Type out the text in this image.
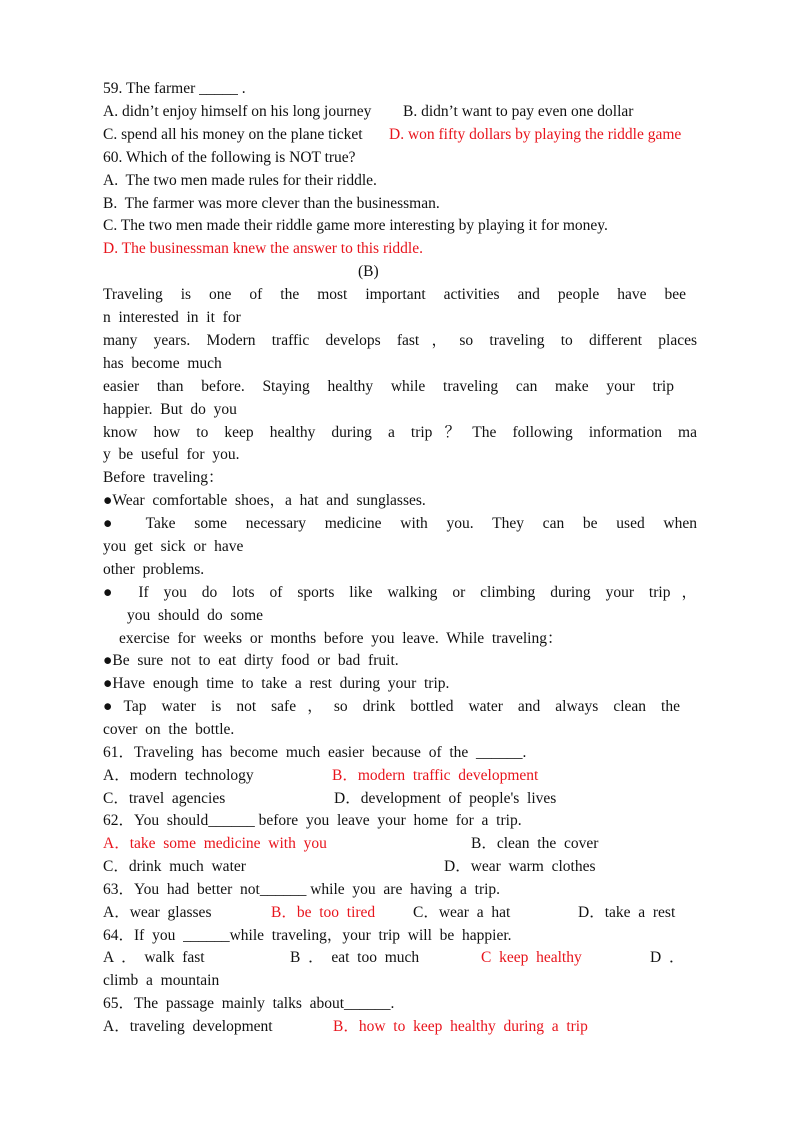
59. The farmer _____ .
A. didn’t enjoy himself on his long journey B. didn’t want to pay even one dollar
C. spend all his money on the plane ticket D. won fifty dollars by playing the riddle game
60. Which of the following is NOT true?
A.  The two men made rules for their riddle.
B.  The farmer was more clever than the businessman.
C. The two men made their riddle game more interesting by playing it for money.
D. The businessman knew the answer to this riddle.
(B)
Traveling is one of the most important activities and people have bee
n  interested  in  it  for
many years. Modern traffic develops fast，so traveling to different places
has  become  much
easier than before. Staying healthy while traveling can make your trip
happier.  But  do  you
know how to keep healthy during a trip？The following information ma
y  be  useful  for  you.
Before  traveling：
●Wear  comfortable  shoes，a  hat  and  sunglasses.
● Take some necessary medicine with you. They can be used when
you  get  sick  or  have
other  problems.
● If you do lots of sports like walking or climbing during your trip，
you  should  do  some
exercise  for  weeks  or  months  before  you  leave.  While  traveling：
●Be  sure  not  to  eat  dirty  food  or  bad  fruit.
●Have  enough  time  to  take  a  rest  during  your  trip.
●Tap water is not safe，so drink bottled water and always clean the
cover  on  the  bottle.
61．Traveling  has  become  much  easier  because  of  the  ______.
A．modern  technology	B．modern  traffic  development
C．travel  agencies	D．development  of  people's  lives
62．You  should______ before  you  leave  your  home  for  a  trip.
A．take  some  medicine  with  you	B．clean  the  cover
C．drink  much  water	D．wear  warm  clothes
63．You  had  better  not______ while  you  are  having  a  trip.
A．wear  glasses	B．be  too  tired C．wear  a  hat	D．take  a  rest
64．If  you  ______while  traveling，your  trip  will  be  happier.
A  ．  walk  fast	B  ．  eat  too  much	C  keep  healthy	D  ．
climb  a  mountain
65．The  passage  mainly  talks  about______.
A．traveling  development	B．how  to  keep  healthy  during  a  trip
